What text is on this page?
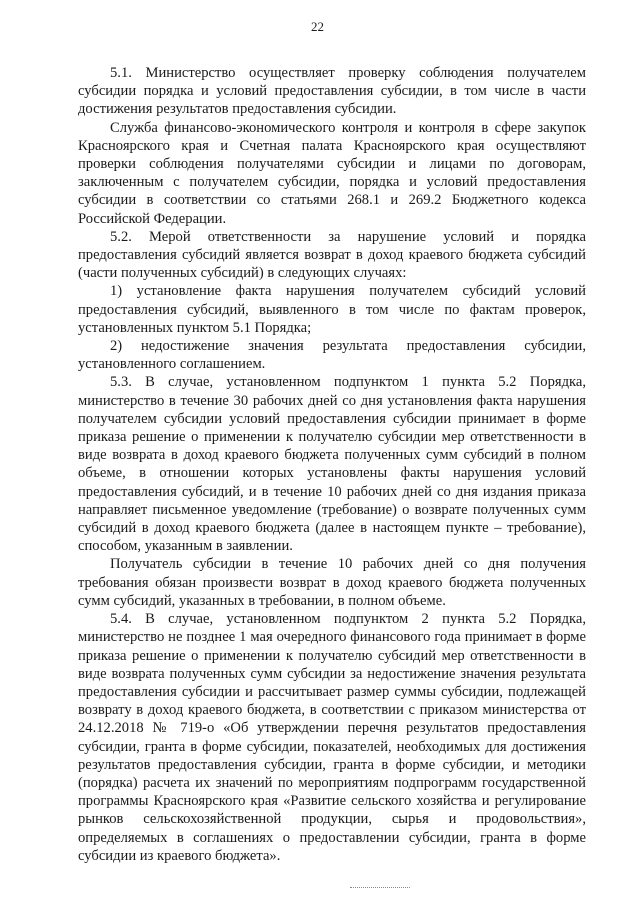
22

5.1. Министерство осуществляет проверку соблюдения получателем субсидии порядка и условий предоставления субсидии, в том числе в части достижения результатов предоставления субсидии.

Служба финансово-экономического контроля и контроля в сфере закупок Красноярского края и Счетная палата Красноярского края осуществляют проверки соблюдения получателями субсидии и лицами по договорам, заключенным с получателем субсидии, порядка и условий предоставления субсидии в соответствии со статьями 268.1 и 269.2 Бюджетного кодекса Российской Федерации.

5.2. Мерой ответственности за нарушение условий и порядка предоставления субсидий является возврат в доход краевого бюджета субсидий (части полученных субсидий) в следующих случаях:

1) установление факта нарушения получателем субсидий условий предоставления субсидий, выявленного в том числе по фактам проверок, установленных пунктом 5.1 Порядка;

2) недостижение значения результата предоставления субсидии, установленного соглашением.

5.3. В случае, установленном подпунктом 1 пункта 5.2 Порядка, министерство в течение 30 рабочих дней со дня установления факта нарушения получателем субсидии условий предоставления субсидии принимает в форме приказа решение о применении к получателю субсидии мер ответственности в виде возврата в доход краевого бюджета полученных сумм субсидий в полном объеме, в отношении которых установлены факты нарушения условий предоставления субсидий, и в течение 10 рабочих дней со дня издания приказа направляет письменное уведомление (требование) о возврате полученных сумм субсидий в доход краевого бюджета (далее в настоящем пункте – требование), способом, указанным в заявлении.

Получатель субсидии в течение 10 рабочих дней со дня получения требования обязан произвести возврат в доход краевого бюджета полученных сумм субсидий, указанных в требовании, в полном объеме.

5.4. В случае, установленном подпунктом 2 пункта 5.2 Порядка, министерство не позднее 1 мая очередного финансового года принимает в форме приказа решение о применении к получателю субсидий мер ответственности в виде возврата полученных сумм субсидии за недостижение значения результата предоставления субсидии и рассчитывает размер суммы субсидии, подлежащей возврату в доход краевого бюджета, в соответствии с приказом министерства от 24.12.2018 № 719-о «Об утверждении перечня результатов предоставления субсидии, гранта в форме субсидии, показателей, необходимых для достижения результатов предоставления субсидии, гранта в форме субсидии, и методики (порядка) расчета их значений по мероприятиям подпрограмм государственной программы Красноярского края «Развитие сельского хозяйства и регулирование рынков сельскохозяйственной продукции, сырья и продовольствия», определяемых в соглашениях о предоставлении субсидии, гранта в форме субсидии из краевого бюджета».
